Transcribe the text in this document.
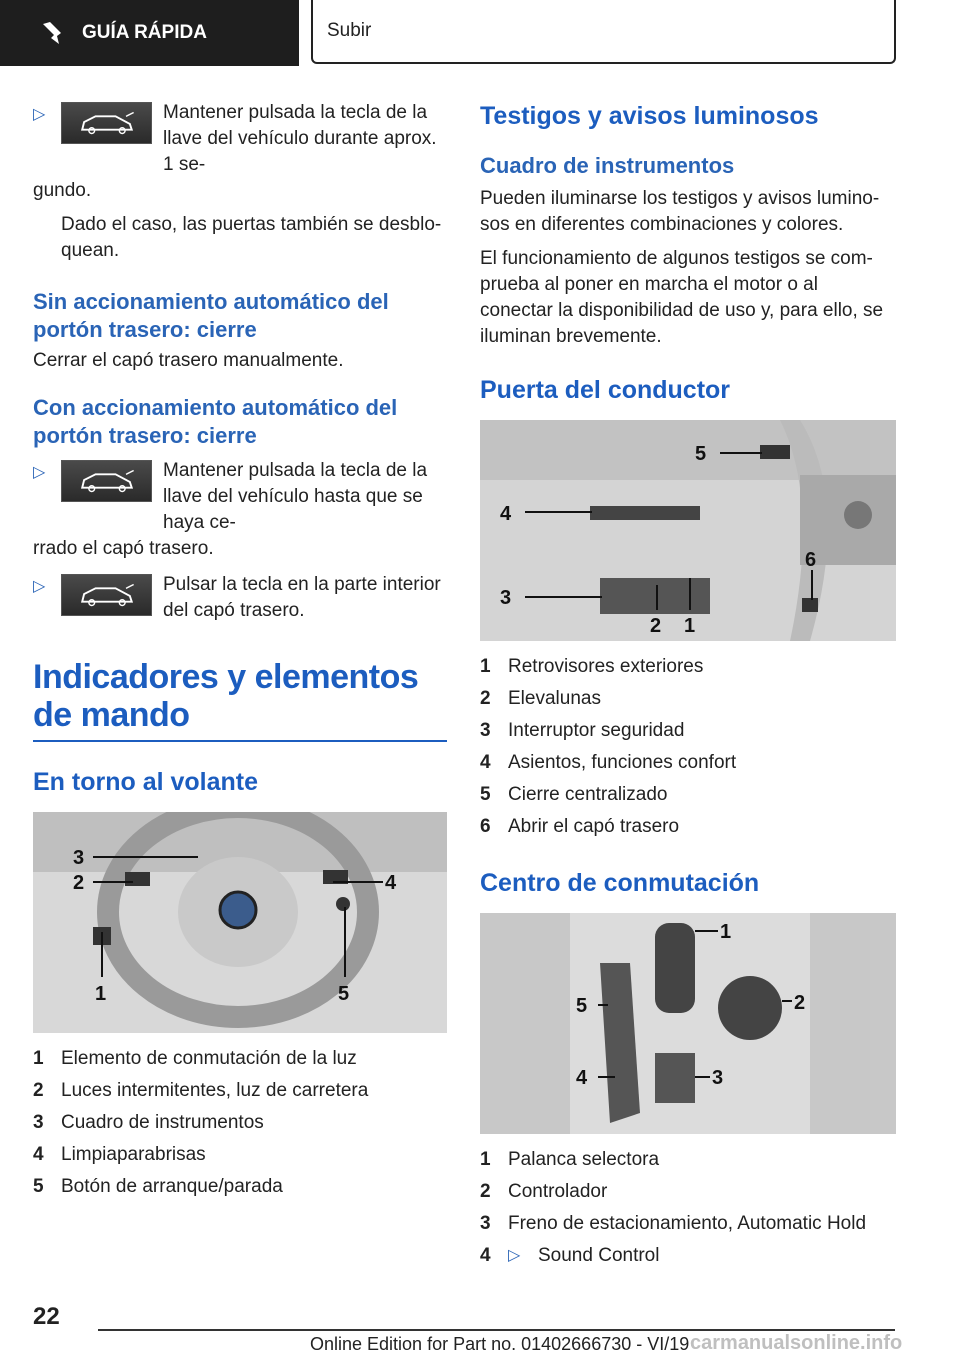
GUÍA RÁPIDA	Subir
▷	Mantener pulsada la tecla de la llave del vehículo durante aprox. 1 se-
gundo.
Dado el caso, las puertas también se desblo-quean.
Sin accionamiento automático del portón trasero: cierre
Cerrar el capó trasero manualmente.
Con accionamiento automático del portón trasero: cierre
▷	Mantener pulsada la tecla de la llave del vehículo hasta que se haya ce-
rrado el capó trasero.
▷	Pulsar la tecla en la parte interior del capó trasero.
Indicadores y elementos de mando
En torno al volante
3
2	4
1	5
1 Elemento de conmutación de la luz
2 Luces intermitentes, luz de carretera
3 Cuadro de instrumentos
4 Limpiaparabrisas
5 Botón de arranque/parada
Testigos y avisos luminosos
Cuadro de instrumentos
Pueden iluminarse los testigos y avisos lumino-sos en diferentes combinaciones y colores.
El funcionamiento de algunos testigos se com-prueba al poner en marcha el motor o al conectar la disponibilidad de uso y, para ello, se iluminan brevemente.
Puerta del conductor
4
5
3
2 1
6
1 Retrovisores exteriores
2 Elevalunas
3 Interruptor seguridad
4 Asientos, funciones confort
5 Cierre centralizado
6 Abrir el capó trasero
Centro de conmutación
1
2
5
4	3
1 Palanca selectora
2 Controlador
3 Freno de estacionamiento, Automatic Hold
4	▷ Sound Control
22
Online Edition for Part no. 01402666730 - VI/19 carmanualsonline.info
